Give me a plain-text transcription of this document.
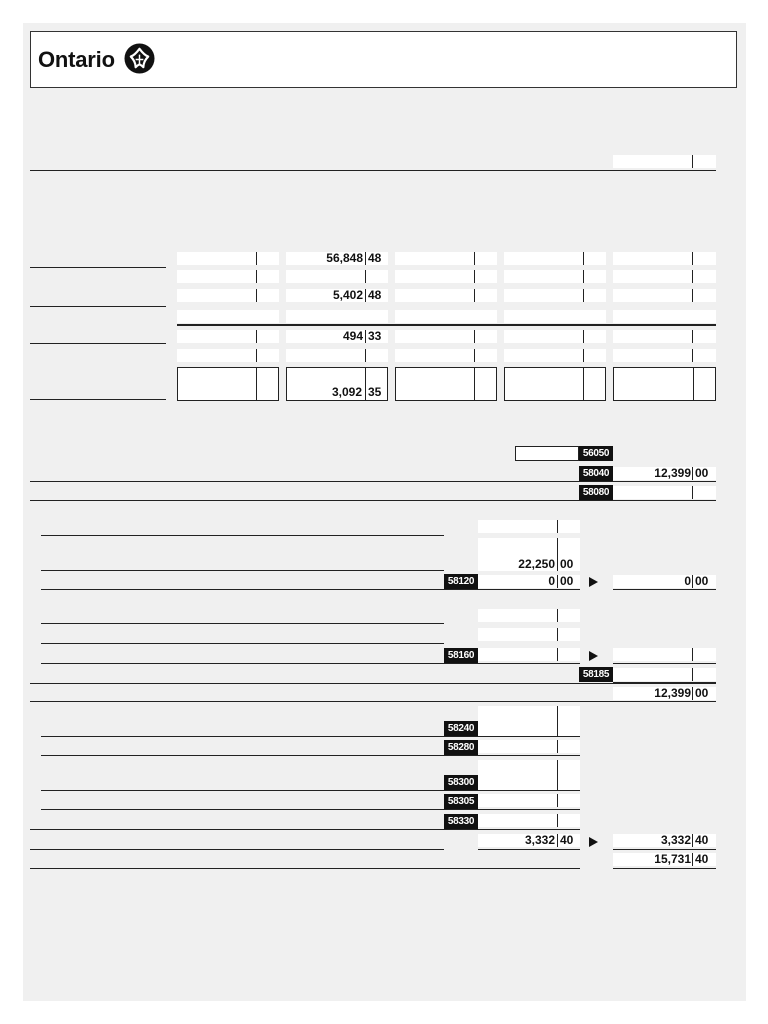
Ontario
56,848 48
5,402 48
494 33
3,092 35
56050
58040	12,399 00
58080
22,250 00
58120	0 00	0 00
58160
58185
12,399 00
58240
58280
58300
58305
58330
3,332 40	3,332 40
15,731 40
